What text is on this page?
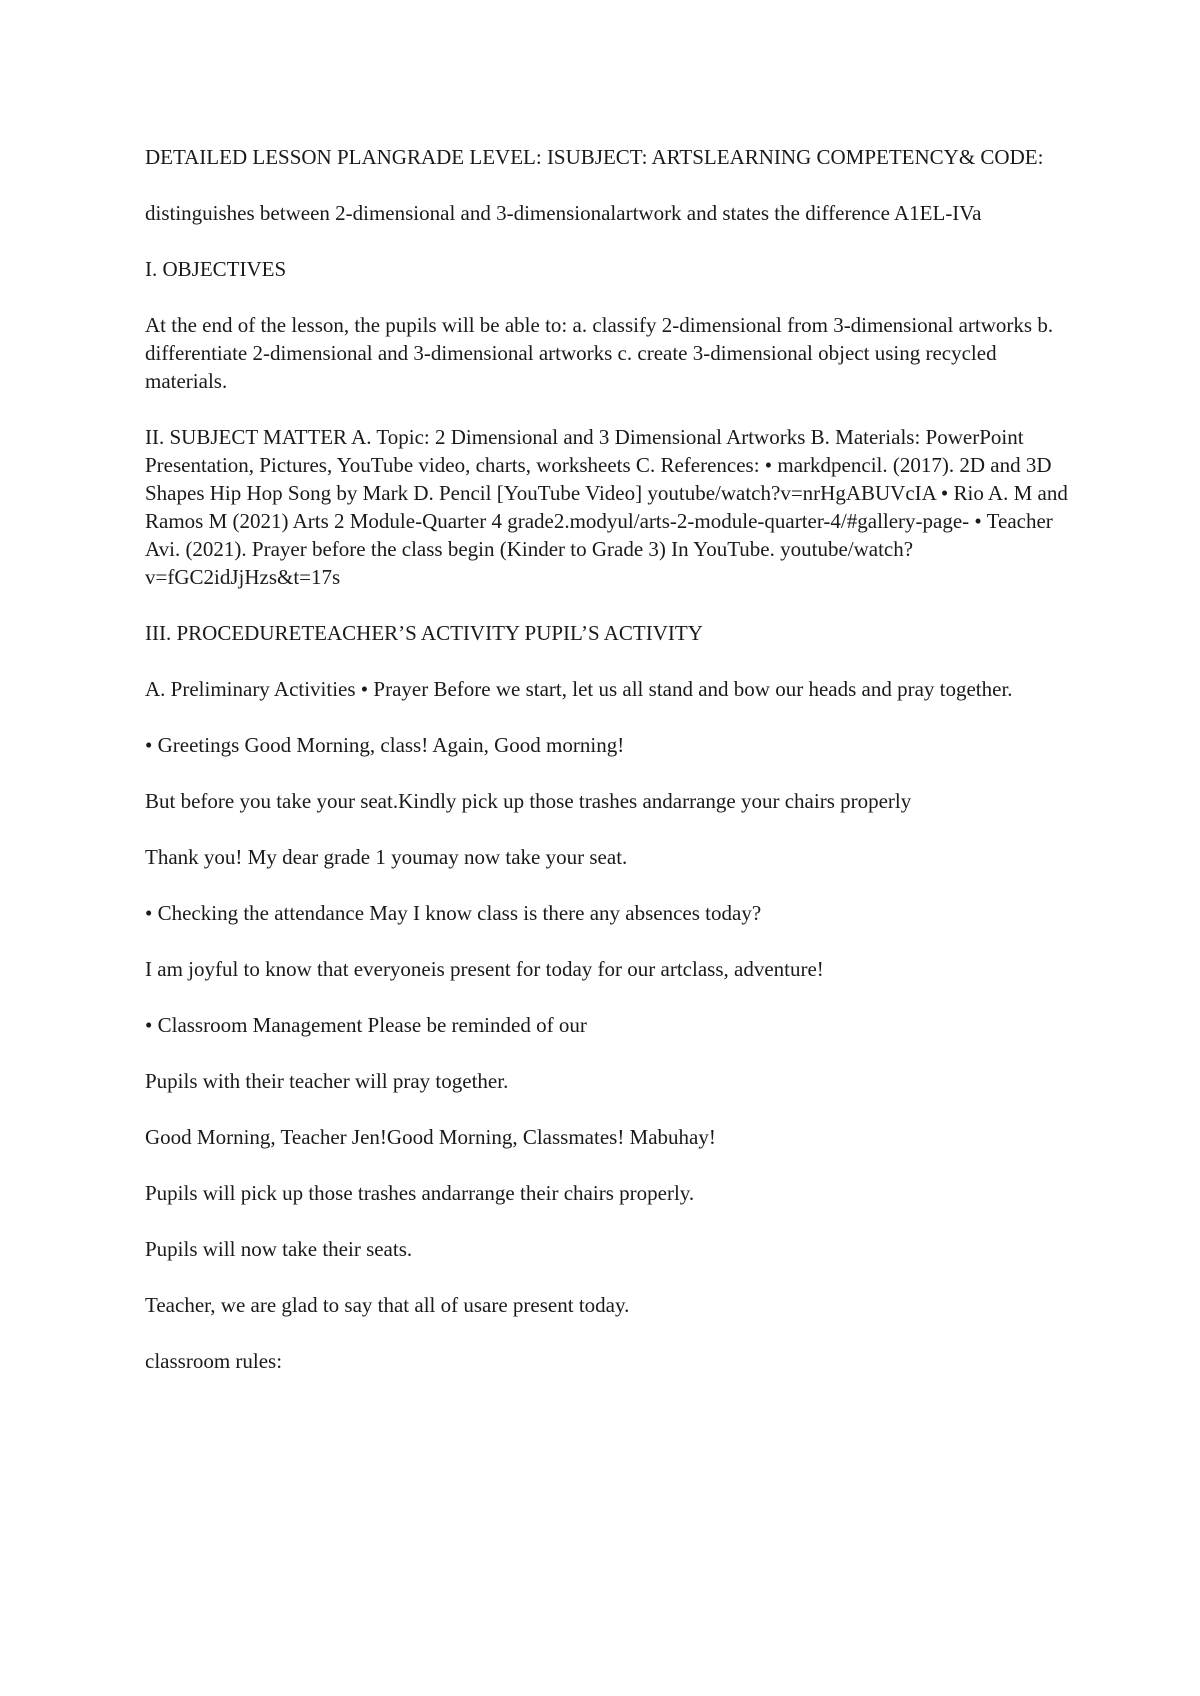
DETAILED LESSON PLANGRADE LEVEL: ISUBJECT: ARTSLEARNING COMPETENCY& CODE:

distinguishes between 2-dimensional and 3-dimensionalartwork and states the difference A1EL-IVa

I. OBJECTIVES

At the end of the lesson, the pupils will be able to: a. classify 2-dimensional from 3-dimensional artworks b. differentiate 2-dimensional and 3-dimensional artworks c. create 3-dimensional object using recycled materials.

II. SUBJECT MATTER A. Topic: 2 Dimensional and 3 Dimensional Artworks B. Materials: PowerPoint Presentation, Pictures, YouTube video, charts, worksheets C. References: • markdpencil. (2017). 2D and 3D Shapes Hip Hop Song by Mark D. Pencil [YouTube Video] youtube/watch?v=nrHgABUVcIA • Rio A. M and Ramos M (2021) Arts 2 Module-Quarter 4 grade2.modyul/arts-2-module-quarter-4/#gallery-page- • Teacher Avi. (2021). Prayer before the class begin (Kinder to Grade 3) In YouTube. youtube/watch?v=fGC2idJjHzs&t=17s

III. PROCEDURETEACHER’S ACTIVITY PUPIL’S ACTIVITY

A. Preliminary Activities • Prayer Before we start, let us all stand and bow our heads and pray together.

• Greetings Good Morning, class! Again, Good morning!

But before you take your seat.Kindly pick up those trashes andarrange your chairs properly

Thank you! My dear grade 1 youmay now take your seat.

• Checking the attendance May I know class is there any absences today?

I am joyful to know that everyoneis present for today for our artclass, adventure!

• Classroom Management Please be reminded of our

Pupils with their teacher will pray together.

Good Morning, Teacher Jen!Good Morning, Classmates! Mabuhay!

Pupils will pick up those trashes andarrange their chairs properly.

Pupils will now take their seats.

Teacher, we are glad to say that all of usare present today.

classroom rules:
